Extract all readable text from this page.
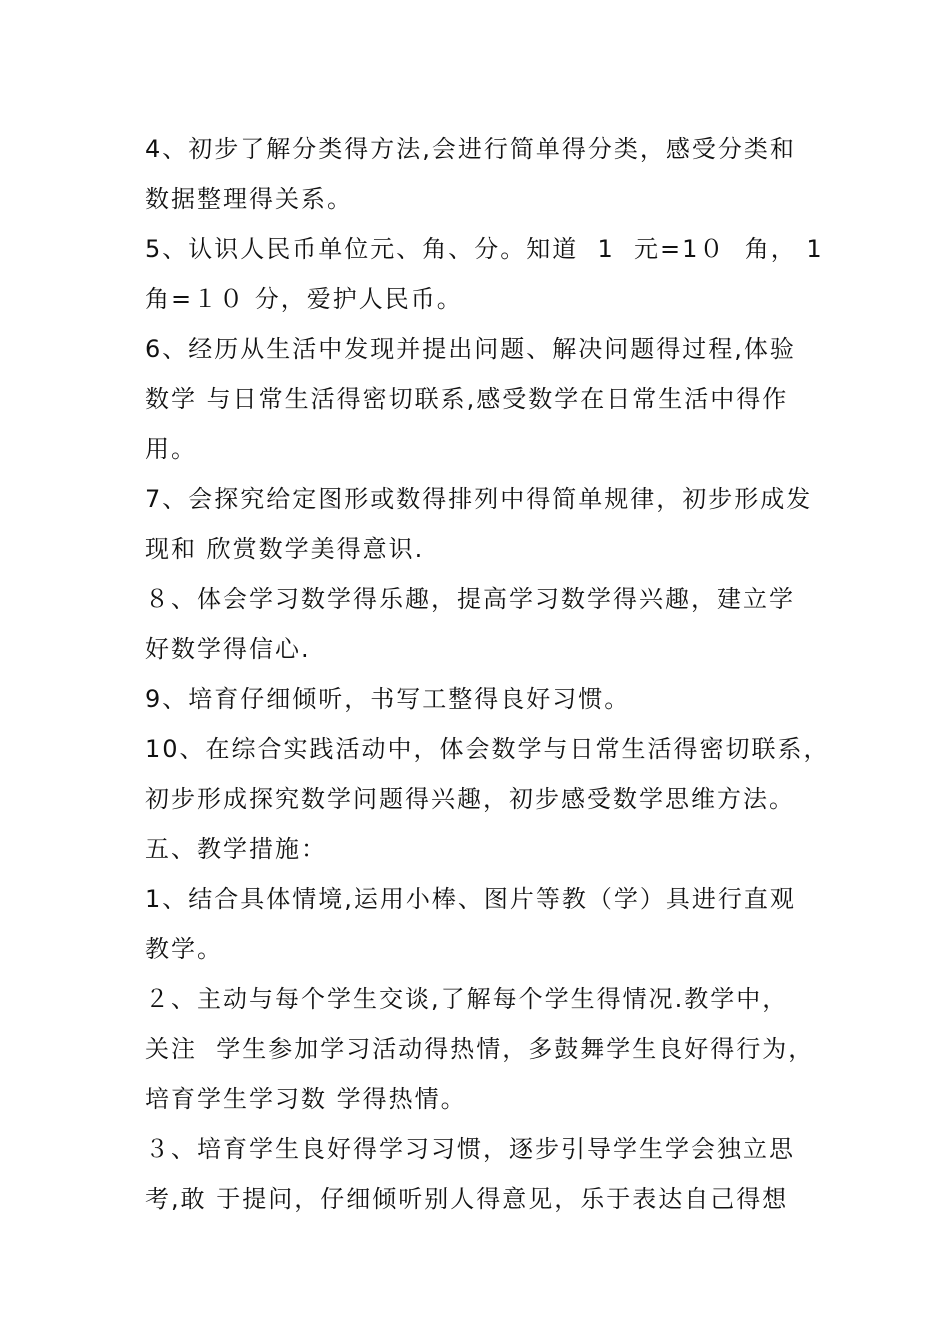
4、初步了解分类得方法,会进行简单得分类，感受分类和
数据整理得关系。
5、认识人民币单位元、角、分。知道  1  元=1０  角， 1
角=１０ 分，爱护人民币。
6、经历从生活中发现并提出问题、解决问题得过程,体验
数学 与日常生活得密切联系,感受数学在日常生活中得作
用。
7、会探究给定图形或数得排列中得简单规律，初步形成发
现和 欣赏数学美得意识.
８、体会学习数学得乐趣，提高学习数学得兴趣，建立学
好数学得信心.
9、培育仔细倾听，书写工整得良好习惯。
10、在综合实践活动中，体会数学与日常生活得密切联系，
初步形成探究数学问题得兴趣，初步感受数学思维方法。
五、教学措施：
1、结合具体情境,运用小棒、图片等教（学）具进行直观
教学。
２、主动与每个学生交谈,了解每个学生得情况.教学中，
关注  学生参加学习活动得热情，多鼓舞学生良好得行为，
培育学生学习数 学得热情。
３、培育学生良好得学习习惯，逐步引导学生学会独立思
考,敢 于提问，仔细倾听别人得意见，乐于表达自己得想
